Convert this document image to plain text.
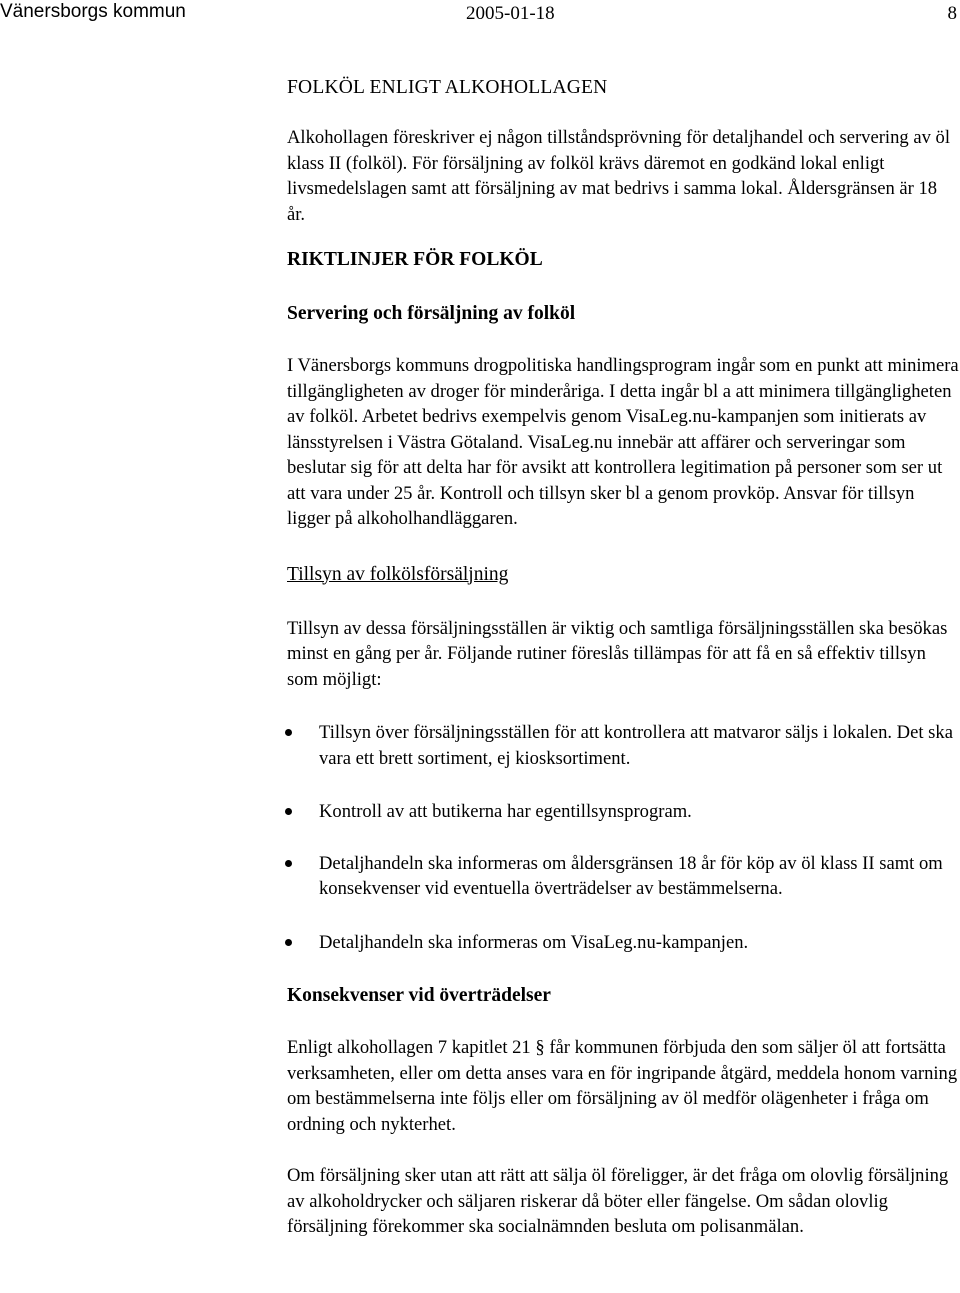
Vänersborgs kommun	2005-01-18	8
FOLKÖL ENLIGT ALKOHOLLAGEN

Alkohollagen föreskriver ej någon tillståndsprövning för detaljhandel och servering av öl klass II (folköl). För försäljning av folköl krävs däremot en godkänd lokal enligt livsmedelslagen samt att försäljning av mat bedrivs i samma lokal. Åldersgränsen är 18 år.

RIKTLINJER FÖR FOLKÖL
Servering och försäljning av folköl

I Vänersborgs kommuns drogpolitiska handlingsprogram ingår som en punkt att minimera tillgängligheten av droger för minderåriga. I detta ingår bl a att minimera tillgängligheten av folköl. Arbetet bedrivs exempelvis genom VisaLeg.nu-kampanjen som initierats av länsstyrelsen i Västra Götaland. VisaLeg.nu innebär att affärer och serveringar som beslutar sig för att delta har för avsikt att kontrollera legitimation på personer som ser ut att vara under 25 år. Kontroll och tillsyn sker bl a genom provköp. Ansvar för tillsyn ligger på alkoholhandläggaren.

Tillsyn av folkölsförsäljning

Tillsyn av dessa försäljningsställen är viktig och samtliga försäljningsställen ska besökas minst en gång per år. Följande rutiner föreslås tillämpas för att få en så effektiv tillsyn som möjligt:

Tillsyn över försäljningsställen för att kontrollera att matvaror säljs i lokalen. Det ska vara ett brett sortiment, ej kiosksortiment.
Kontroll av att butikerna har egentillsynsprogram.
Detaljhandeln ska informeras om åldersgränsen 18 år för köp av öl klass II samt om konsekvenser vid eventuella överträdelser av bestämmelserna.
Detaljhandeln ska informeras om VisaLeg.nu-kampanjen.
Konsekvenser vid överträdelser

Enligt alkohollagen 7 kapitlet 21 § får kommunen förbjuda den som säljer öl att fortsätta verksamheten, eller om detta anses vara en för ingripande åtgärd, meddela honom varning om bestämmelserna inte följs eller om försäljning av öl medför olägenheter i fråga om ordning och nykterhet.

Om försäljning sker utan att rätt att sälja öl föreligger, är det fråga om olovlig försäljning av alkoholdrycker och säljaren riskerar då böter eller fängelse. Om sådan olovlig försäljning förekommer ska socialnämnden besluta om polisanmälan.
